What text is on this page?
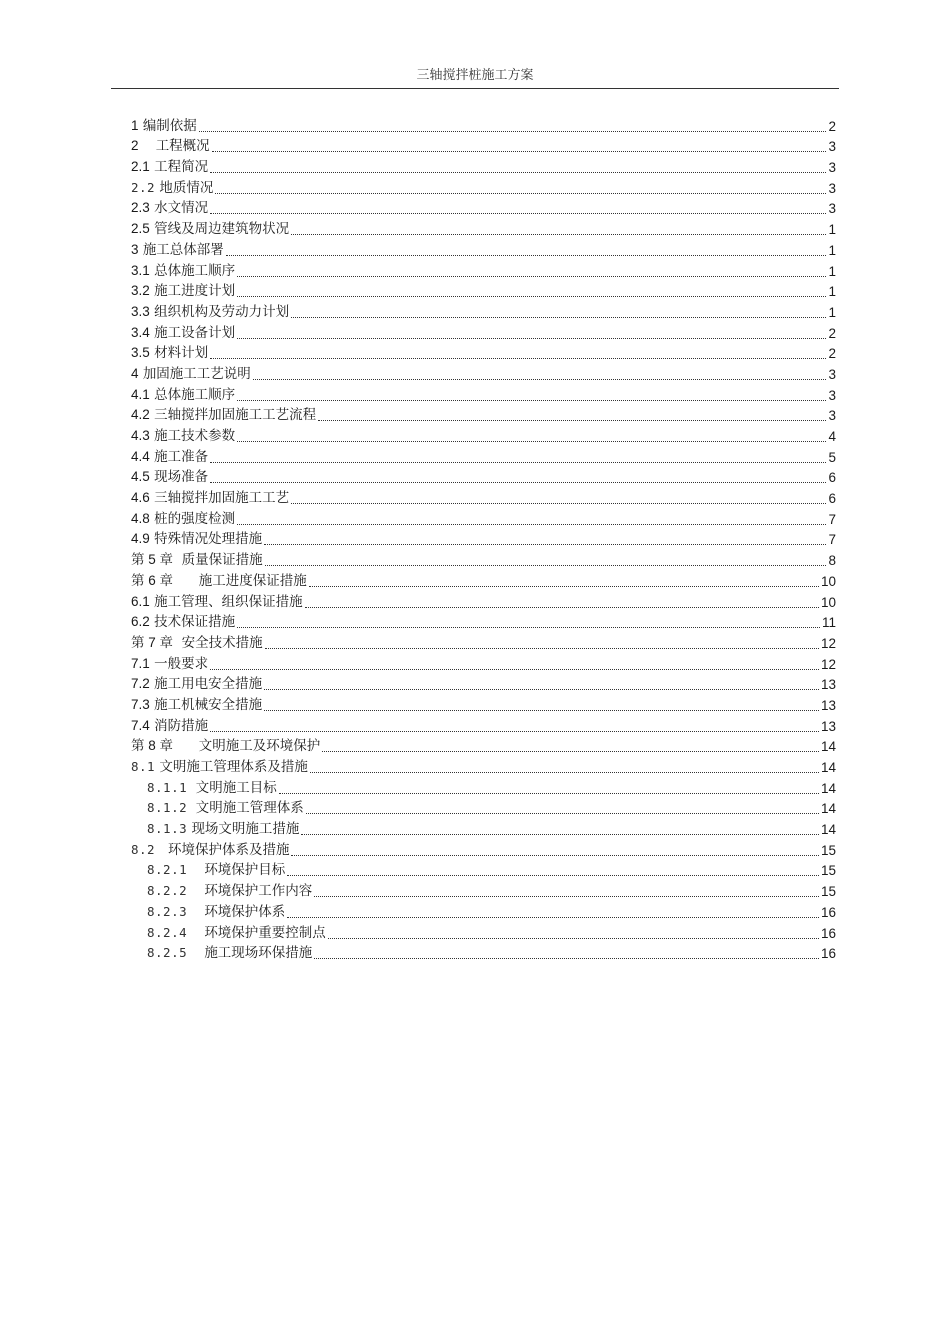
三轴搅拌桩施工方案
1 编制依据	2
2 工程概况	3
2.1 工程简况	3
2.2 地质情况	3
2.3 水文情况	3
2.5 管线及周边建筑物状况	1
3 施工总体部署	1
3.1 总体施工顺序	1
3.2 施工进度计划	1
3.3 组织机构及劳动力计划	1
3.4 施工设备计划	2
3.5 材料计划	2
4 加固施工工艺说明	3
4.1 总体施工顺序	3
4.2 三轴搅拌加固施工工艺流程	3
4.3 施工技术参数	4
4.4 施工准备	5
4.5 现场准备	6
4.6 三轴搅拌加固施工工艺	6
4.8 桩的强度检测	7
4.9 特殊情况处理措施	7
第 5 章 质量保证措施	8
第 6 章 施工进度保证措施	10
6.1 施工管理、组织保证措施	10
6.2 技术保证措施	11
第 7 章 安全技术措施	12
7.1 一般要求	12
7.2 施工用电安全措施	13
7.3 施工机械安全措施	13
7.4 消防措施	13
第 8 章 文明施工及环境保护	14
8.1 文明施工管理体系及措施	14
8.1.1 文明施工目标	14
8.1.2 文明施工管理体系	14
8.1.3 现场文明施工措施	14
8.2 环境保护体系及措施	15
8.2.1 环境保护目标	15
8.2.2 环境保护工作内容	15
8.2.3 环境保护体系	16
8.2.4 环境保护重要控制点	16
8.2.5 施工现场环保措施	16
